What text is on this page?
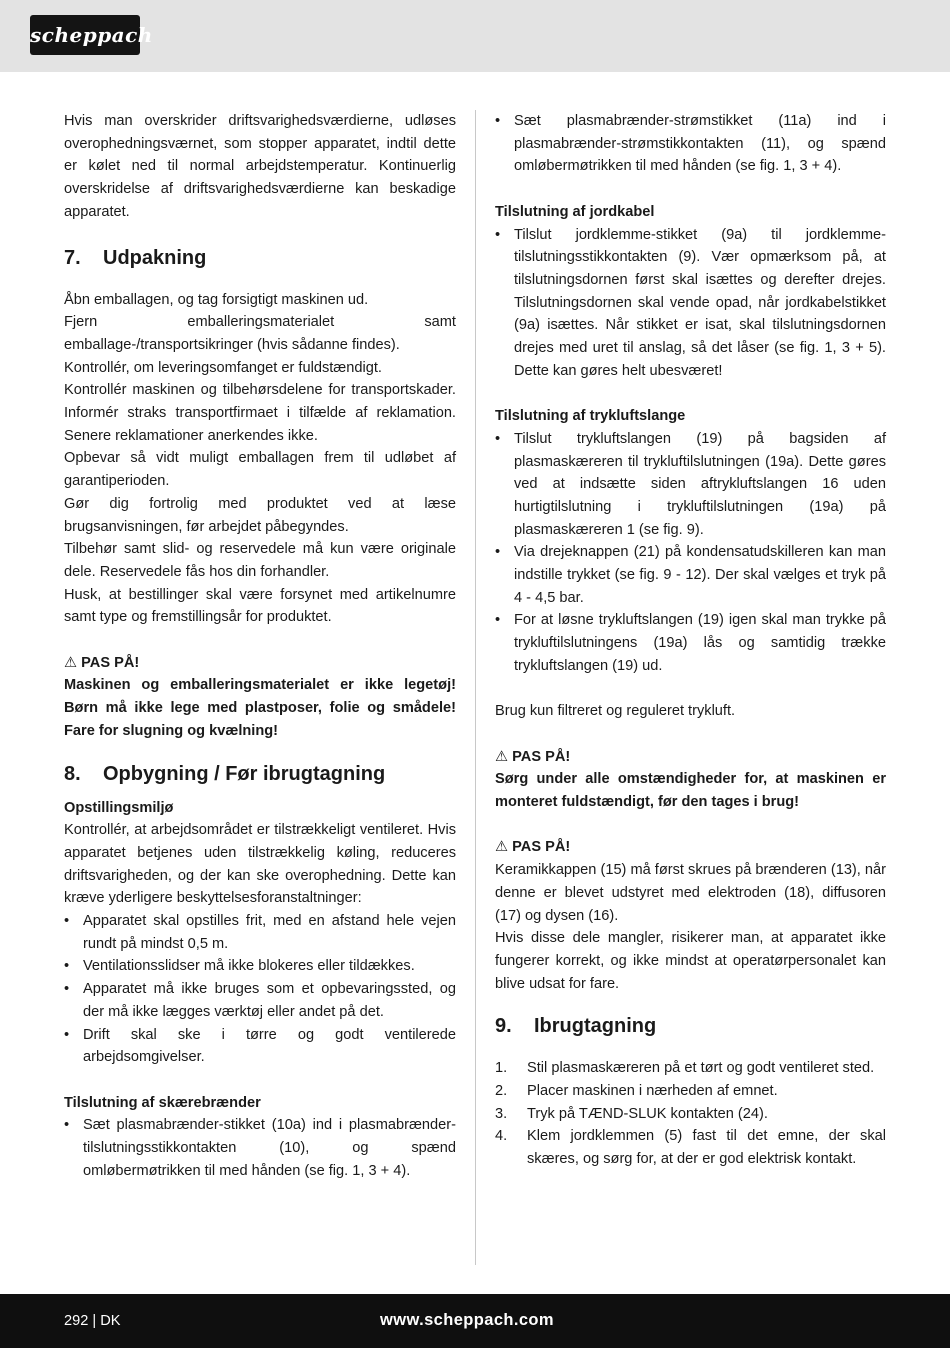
scheppach

Hvis man overskrider driftsvarighedsværdierne, udløses overophedningsværnet, som stopper apparatet, indtil dette er kølet ned til normal arbejdstemperatur. Kontinuerlig overskridelse af driftsvarighedsværdierne kan beskadige apparatet.

7. Udpakning

Åbn emballagen, og tag forsigtigt maskinen ud.

Fjern emballeringsmaterialet samt emballage-/transportsikringer (hvis sådanne findes).

Kontrollér, om leveringsomfanget er fuldstændigt.

Kontrollér maskinen og tilbehørsdelene for transportskader. Informér straks transportfirmaet i tilfælde af reklamation. Senere reklamationer anerkendes ikke.

Opbevar så vidt muligt emballagen frem til udløbet af garantiperioden.

Gør dig fortrolig med produktet ved at læse brugsanvisningen, før arbejdet påbegyndes.

Tilbehør samt slid- og reservedele må kun være originale dele. Reservedele fås hos din forhandler.

Husk, at bestillinger skal være forsynet med artikelnumre samt type og fremstillingsår for produktet.

⚠ PAS PÅ!

Maskinen og emballeringsmaterialet er ikke legetøj! Børn må ikke lege med plastposer, folie og smådele! Fare for slugning og kvælning!

8. Opbygning / Før ibrugtagning

Opstillingsmiljø

Kontrollér, at arbejdsområdet er tilstrækkeligt ventileret. Hvis apparatet betjenes uden tilstrækkelig køling, reduceres driftsvarigheden, og der kan ske overophedning. Dette kan kræve yderligere beskyttelsesforanstaltninger:

• Apparatet skal opstilles frit, med en afstand hele vejen rundt på mindst 0,5 m.
• Ventilationsslidser må ikke blokeres eller tildækkes.
• Apparatet må ikke bruges som et opbevaringssted, og der må ikke lægges værktøj eller andet på det.
• Drift skal ske i tørre og godt ventilerede arbejdsomgivelser.

Tilslutning af skærebrænder

• Sæt plasmabrænder-stikket (10a) ind i plasmabrænder-tilslutningsstikkontakten (10), og spænd omløbermøtrikken til med hånden (se fig. 1, 3 + 4).
• Sæt plasmabrænder-strømstikket (11a) ind i plasmabrænder-strømstikkontakten (11), og spænd omløbermøtrikken til med hånden (se fig. 1, 3 + 4).

Tilslutning af jordkabel

• Tilslut jordklemme-stikket (9a) til jordklemme-tilslutningsstikkontakten (9). Vær opmærksom på, at tilslutningsdornen først skal isættes og derefter drejes. Tilslutningsdornen skal vende opad, når jordkabelstikket (9a) isættes. Når stikket er isat, skal tilslutningsdornen drejes med uret til anslag, så det låser (se fig. 1, 3 + 5). Dette kan gøres helt ubesværet!

Tilslutning af trykluftslange

• Tilslut trykluftslangen (19) på bagsiden af plasmaskæreren til trykluftilslutningen (19a). Dette gøres ved at indsætte siden aftrykluftslangen 16 uden hurtigtilslutning i trykluftilslutningen (19a) på plasmaskæreren 1 (se fig. 9).
• Via drejeknappen (21) på kondensatudskilleren kan man indstille trykket (se fig. 9 - 12). Der skal vælges et tryk på 4 - 4,5 bar.
• For at løsne trykluftslangen (19) igen skal man trykke på trykluftilslutningens (19a) lås og samtidig trække trykluftslangen (19) ud.

Brug kun filtreret og reguleret trykluft.

⚠ PAS PÅ!

Sørg under alle omstændigheder for, at maskinen er monteret fuldstændigt, før den tages i brug!

⚠ PAS PÅ!

Keramikkappen (15) må først skrues på brænderen (13), når denne er blevet udstyret med elektroden (18), diffusoren (17) og dysen (16).

Hvis disse dele mangler, risikerer man, at apparatet ikke fungerer korrekt, og ikke mindst at operatørpersonalet kan blive udsat for fare.

9. Ibrugtagning
1. Stil plasmaskæreren på et tørt og godt ventileret sted.
2. Placer maskinen i nærheden af emnet.
3. Tryk på TÆND-SLUK kontakten (24).
4. Klem jordklemmen (5) fast til det emne, der skal skæres, og sørg for, at der er god elektrisk kontakt.
292 | DK	www.scheppach.com
